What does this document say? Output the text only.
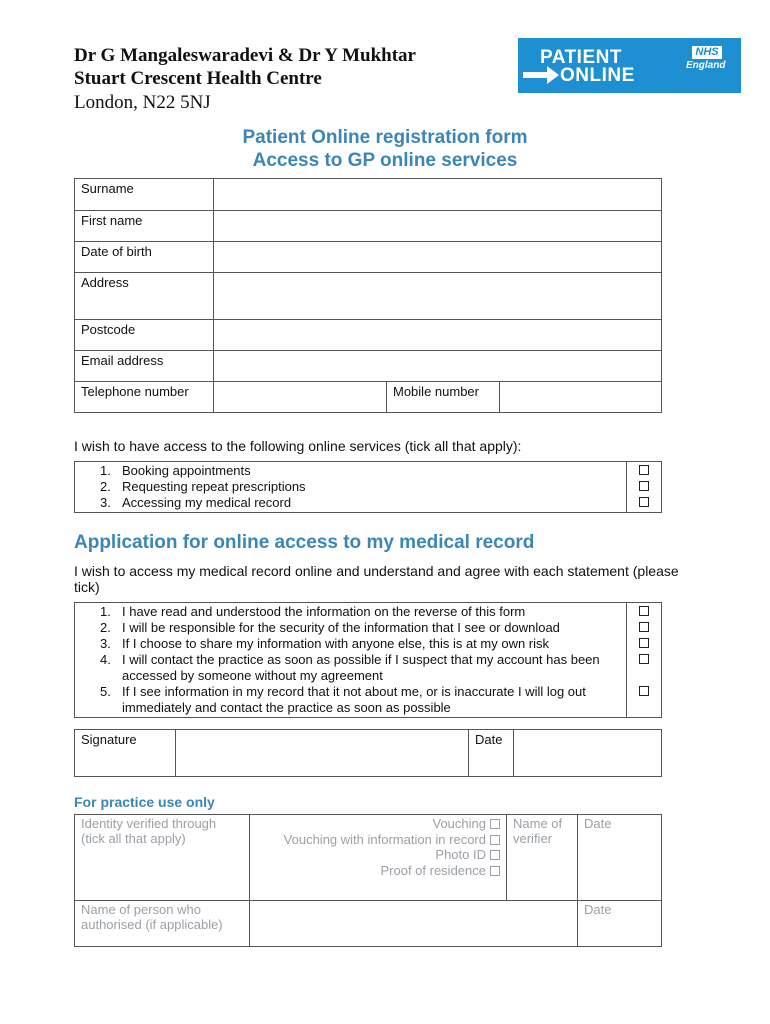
Dr G Mangaleswaradevi & Dr Y Mukhtar
Stuart Crescent Health Centre
London, N22 5NJ
PATIENT
ONLINE
NHS
England
Patient Online registration form
Access to GP online services
Surname			
First name			
Date of birth			
Address			
Postcode			
Email address			
Telephone number		Mobile number	
I wish to have access to the following online services (tick all that apply):
1. Booking appointments
2. Requesting repeat prescriptions
3. Accessing my medical record

Application for online access to my medical record
I wish to access my medical record online and understand and agree with each statement (please tick)
1. I have read and understood the information on the reverse of this form
2. I will be responsible for the security of the information that I see or download
3. If I choose to share my information with anyone else, this is at my own risk
4. I will contact the practice as soon as possible if I suspect that my account has been accessed by someone without my agreement
5. If I see information in my record that it not about me, or is inaccurate I will log out immediately and contact the practice as soon as possible

Signature		Date	
For practice use only
Identity verified through (tick all that apply)	Vouching
Vouching with information in record
Photo ID
Proof of residence	Name of verifier	Date
Name of person who authorised (if applicable)			Date
